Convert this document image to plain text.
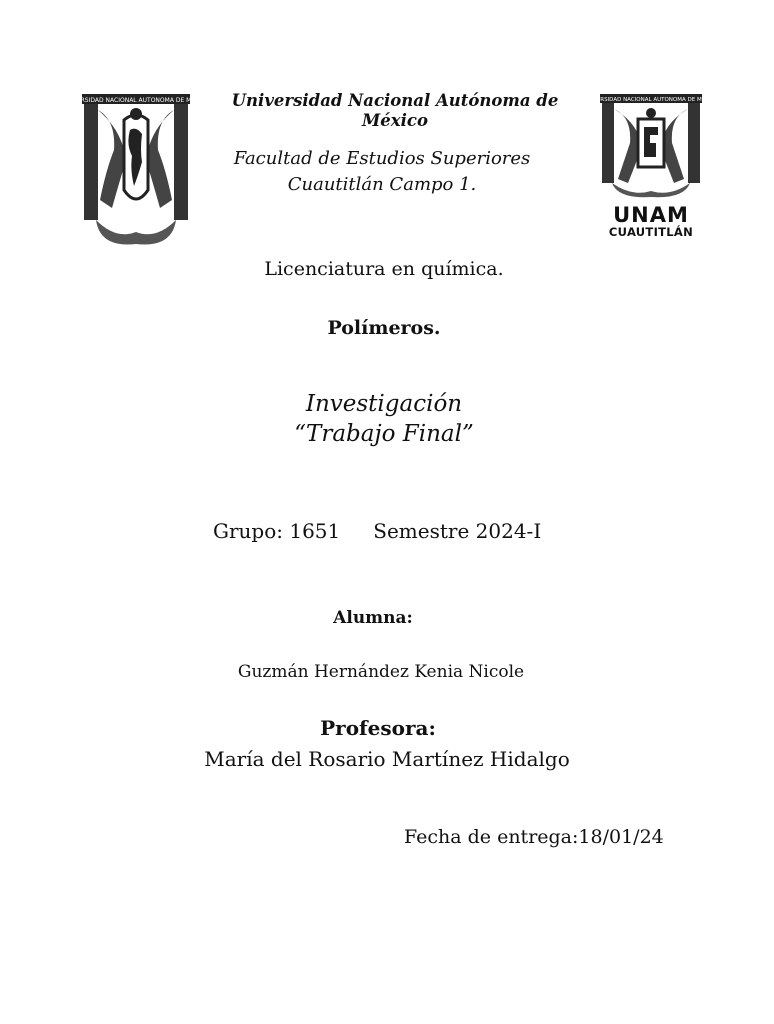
UNIVERSIDAD NACIONAL AUTONOMA DE MEXICO	UNIVERSIDAD NACIONAL AUTONOMA DE MEXICO
UNAM
CUAUTITLÁN
Universidad Nacional Autónoma de México
Facultad de Estudios Superiores
Cuautitlán Campo 1.
Licenciatura en química.
Polímeros.
Investigación
“Trabajo Final”
Grupo: 1651 Semestre 2024-I
Alumna:
Guzmán Hernández Kenia Nicole
Profesora:
María del Rosario Martínez Hidalgo
Fecha de entrega:18/01/24
